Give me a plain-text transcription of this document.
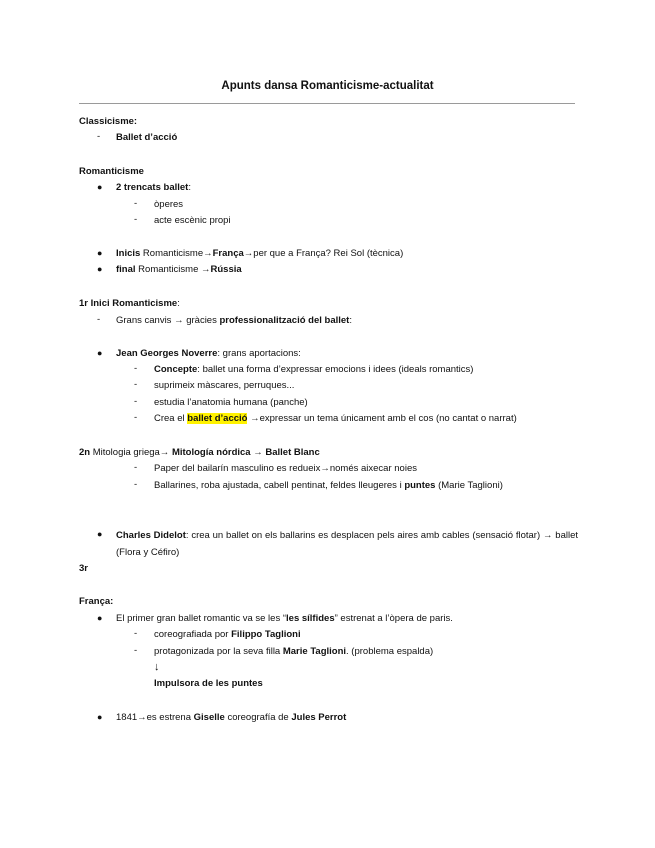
Apunts dansa Romanticisme-actualitat
Classicisme:
- Ballet d’acció
Romanticisme
● 2 trencats ballet:
- òperes
- acte escènic propi
● Inicis Romanticisme→França→per que a França? Rei Sol (tècnica)
● final Romanticisme →Rússia
1r Inici Romanticisme:
- Grans canvis → gràcies professionalització del ballet:
● Jean Georges Noverre: grans aportacions:
- Concepte: ballet una forma d’expressar emocions i idees (ideals romantics)
- suprimeix màscares, perruques...
- estudia l’anatomia humana (panche)
- Crea el ballet d’acció →expressar un tema únicament amb el cos (no cantat o narrat)
2n Mitologia griega→ Mitología nórdica → Ballet Blanc
- Paper del bailarín masculino es redueix→només aixecar noies
- Ballarines, roba ajustada, cabell pentinat, feldes lleugeres i puntes (Marie Taglioni)
● Charles Didelot: crea un ballet on els ballarins es desplacen pels aires amb cables (sensació flotar) → ballet (Flora y Céfiro)
3r
França:
● El primer gran ballet romantic va se les “les sílfides” estrenat a l’òpera de paris.
- coreografiada por Filippo Taglioni
- protagonizada por la seva filla Marie Taglioni. (problema espalda)
↓
Impulsora de les puntes
● 1841→es estrena Giselle coreografía de Jules Perrot
